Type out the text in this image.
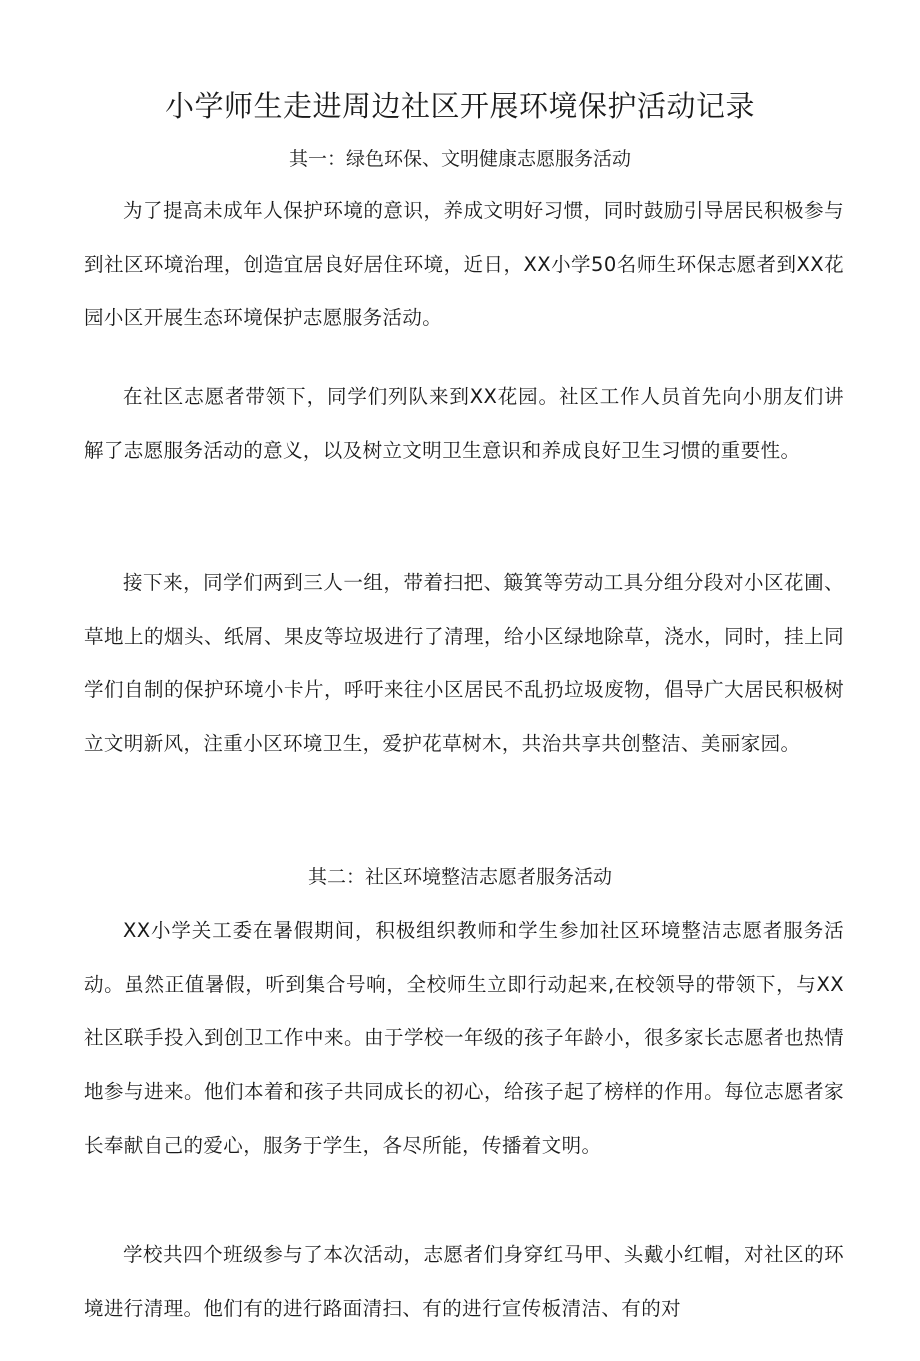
小学师生走进周边社区开展环境保护活动记录
其一：绿色环保、文明健康志愿服务活动

为了提高未成年人保护环境的意识，养成文明好习惯，同时鼓励引导居民积极参与到社区环境治理，创造宜居良好居住环境，近日，XX小学50名师生环保志愿者到XX花园小区开展生态环境保护志愿服务活动。

在社区志愿者带领下，同学们列队来到XX花园。社区工作人员首先向小朋友们讲解了志愿服务活动的意义，以及树立文明卫生意识和养成良好卫生习惯的重要性。

接下来，同学们两到三人一组，带着扫把、簸箕等劳动工具分组分段对小区花圃、草地上的烟头、纸屑、果皮等垃圾进行了清理，给小区绿地除草，浇水，同时，挂上同学们自制的保护环境小卡片，呼吁来往小区居民不乱扔垃圾废物，倡导广大居民积极树立文明新风，注重小区环境卫生，爱护花草树木，共治共享共创整洁、美丽家园。

其二：社区环境整洁志愿者服务活动

XX小学关工委在暑假期间，积极组织教师和学生参加社区环境整洁志愿者服务活动。虽然正值暑假，听到集合号响，全校师生立即行动起来,在校领导的带领下，与XX社区联手投入到创卫工作中来。由于学校一年级的孩子年龄小，很多家长志愿者也热情地参与进来。他们本着和孩子共同成长的初心，给孩子起了榜样的作用。每位志愿者家长奉献自己的爱心，服务于学生，各尽所能，传播着文明。

学校共四个班级参与了本次活动，志愿者们身穿红马甲、头戴小红帽，对社区的环境进行清理。他们有的进行路面清扫、有的进行宣传板清洁、有的对
